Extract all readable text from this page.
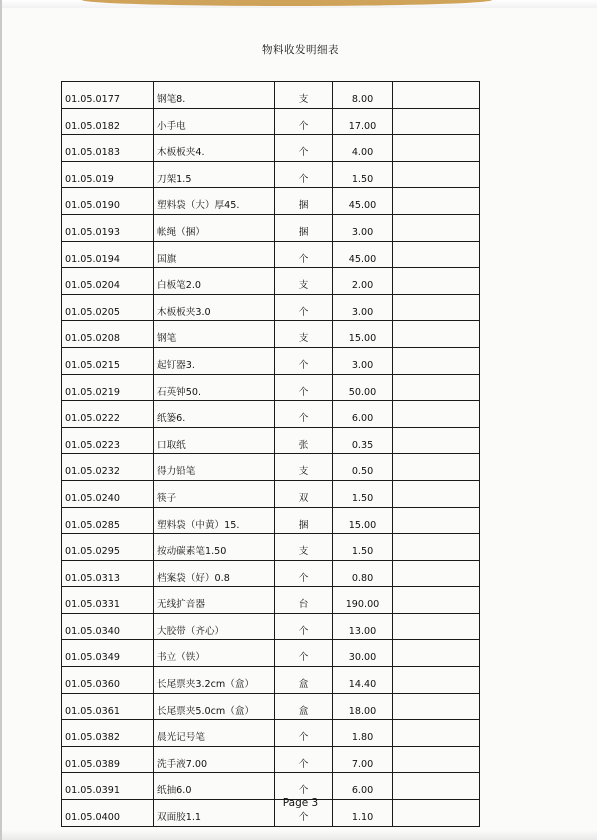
物料收发明细表
01.05.0177	钢笔8.	支	8.00	
01.05.0182	小手电	个	17.00	
01.05.0183	木板板夹4.	个	4.00	
01.05.019	刀架1.5	个	1.50	
01.05.0190	塑料袋（大）厚45.	捆	45.00	
01.05.0193	帐绳（捆）	捆	3.00	
01.05.0194	国旗	个	45.00	
01.05.0204	白板笔2.0	支	2.00	
01.05.0205	木板板夹3.0	个	3.00	
01.05.0208	钢笔	支	15.00	
01.05.0215	起钉器3.	个	3.00	
01.05.0219	石英钟50.	个	50.00	
01.05.0222	纸篓6.	个	6.00	
01.05.0223	口取纸	张	0.35	
01.05.0232	得力铅笔	支	0.50	
01.05.0240	筷子	双	1.50	
01.05.0285	塑料袋（中黄）15.	捆	15.00	
01.05.0295	按动碳素笔1.50	支	1.50	
01.05.0313	档案袋（好）0.8	个	0.80	
01.05.0331	无线扩音器	台	190.00	
01.05.0340	大胶带（齐心）	个	13.00	
01.05.0349	书立（铁）	个	30.00	
01.05.0360	长尾票夹3.2cm（盒）	盒	14.40	
01.05.0361	长尾票夹5.0cm（盒）	盒	18.00	
01.05.0382	晨光记号笔	个	1.80	
01.05.0389	洗手液7.00	个	7.00	
01.05.0391	纸抽6.0	个	6.00	
01.05.0400	双面胶1.1	个	1.10	
Page 3
